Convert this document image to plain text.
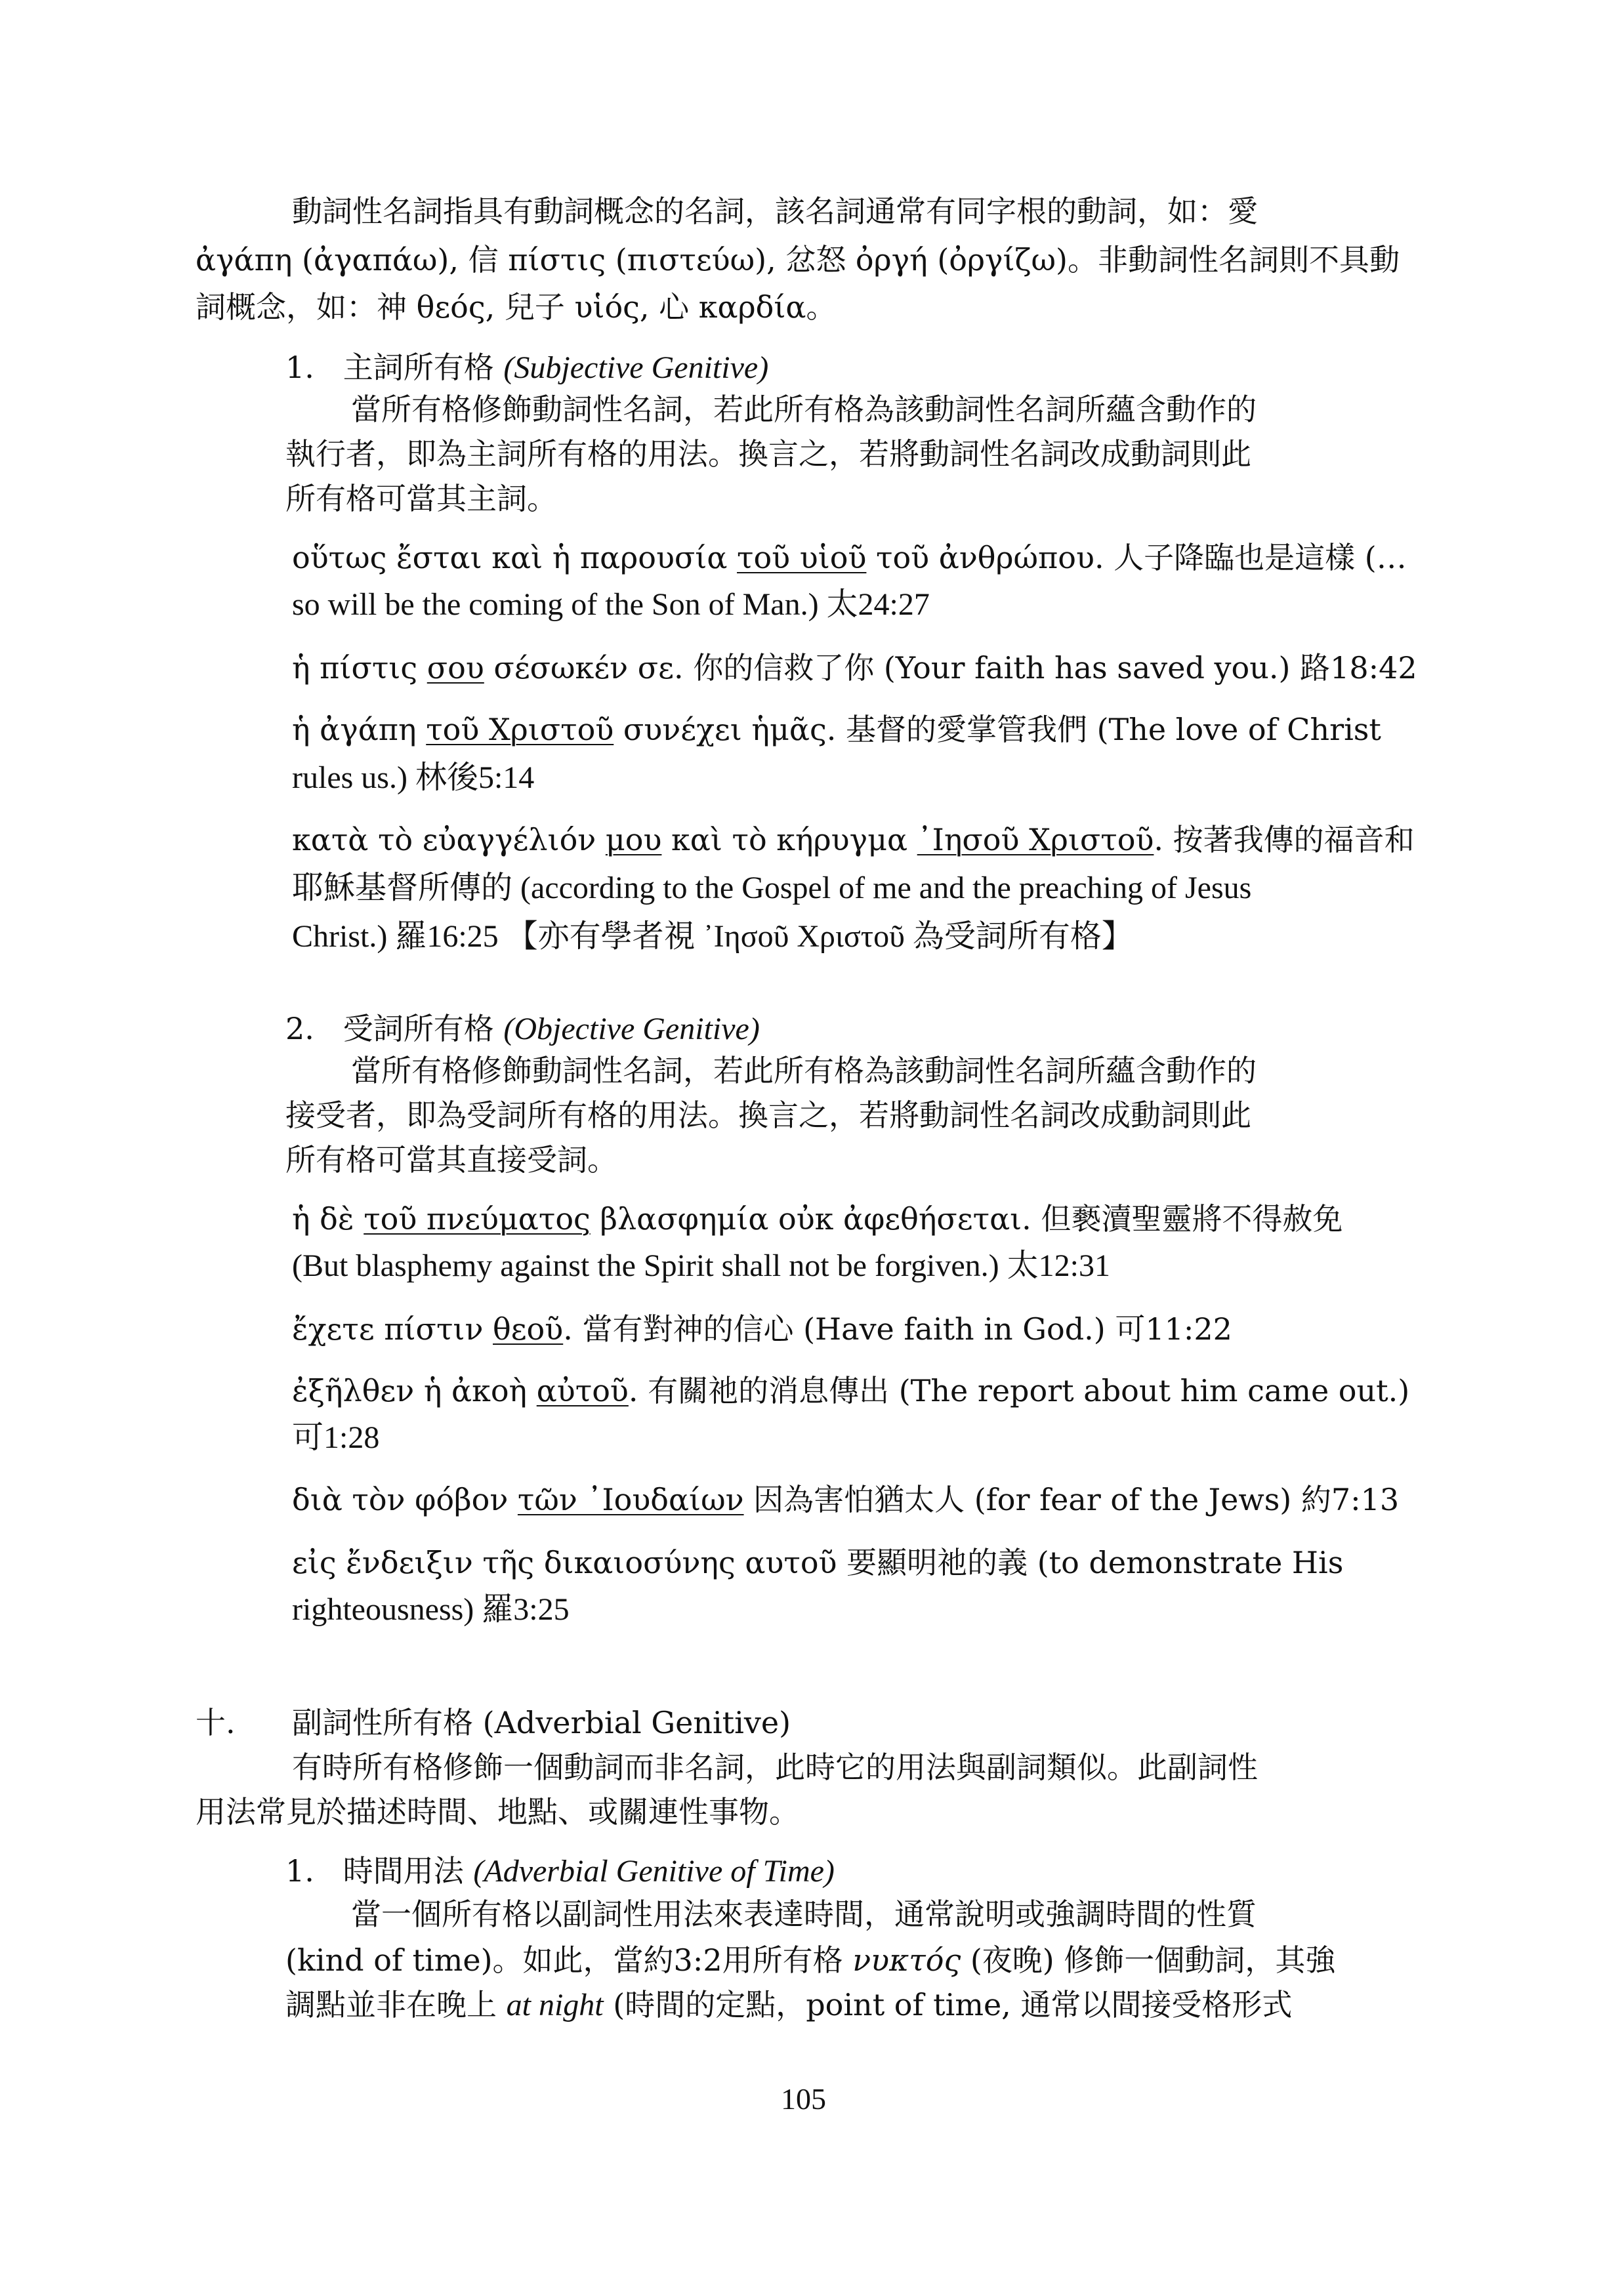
動詞性名詞指具有動詞概念的名詞，該名詞通常有同字根的動詞，如：愛
ἀγάπη (ἀγαπάω), 信 πίστις (πιστεύω), 忿怒 ὀργή (ὀργίζω)。非動詞性名詞則不具動
詞概念，如：神 θεός, 兒子 υἱός, 心 καρδία。
1. 主詞所有格 (Subjective Genitive)
當所有格修飾動詞性名詞，若此所有格為該動詞性名詞所蘊含動作的
執行者，即為主詞所有格的用法。換言之，若將動詞性名詞改成動詞則此
所有格可當其主詞。
οὕτως ἔσται καὶ ἡ παρουσία τοῦ υἱοῦ τοῦ ἀνθρώπου. 人子降臨也是這樣 (…
so will be the coming of the Son of Man.) 太24:27
ἡ πίστις σου σέσωκέν σε. 你的信救了你 (Your faith has saved you.) 路18:42
ἡ ἀγάπη τοῦ Χριστοῦ συνέχει ἡμᾶς. 基督的愛掌管我們 (The love of Christ
rules us.) 林後5:14
κατὰ τὸ εὐαγγέλιόν μου καὶ τὸ κήρυγμα ᾿Ιησοῦ Χριστοῦ. 按著我傳的福音和
耶穌基督所傳的 (according to the Gospel of me and the preaching of Jesus
Christ.) 羅16:25 【亦有學者視 ᾿Ιησοῦ Χριστοῦ 為受詞所有格】
2. 受詞所有格 (Objective Genitive)
當所有格修飾動詞性名詞，若此所有格為該動詞性名詞所蘊含動作的
接受者，即為受詞所有格的用法。換言之，若將動詞性名詞改成動詞則此
所有格可當其直接受詞。
ἡ δὲ τοῦ πνεύματος βλασφημία οὐκ ἀφεθήσεται. 但褻瀆聖靈將不得赦免
(But blasphemy against the Spirit shall not be forgiven.) 太12:31
ἔχετε πίστιν θεοῦ. 當有對神的信心 (Have faith in God.) 可11:22
ἐξῆλθεν ἡ ἀκοὴ αὐτοῦ. 有關祂的消息傳出 (The report about him came out.)
可1:28
διὰ τὸν φόβον τῶν ᾿Ιουδαίων 因為害怕猶太人 (for fear of the Jews) 約7:13
εἰς ἔνδειξιν τῆς δικαιοσύνης αυτοῦ 要顯明祂的義 (to demonstrate His
righteousness) 羅3:25
十. 副詞性所有格 (Adverbial Genitive)
有時所有格修飾一個動詞而非名詞，此時它的用法與副詞類似。此副詞性
用法常見於描述時間、地點、或關連性事物。
1. 時間用法 (Adverbial Genitive of Time)
當一個所有格以副詞性用法來表達時間，通常說明或強調時間的性質
(kind of time)。如此，當約3:2用所有格 νυκτός (夜晚) 修飾一個動詞，其強
調點並非在晚上 at night (時間的定點，point of time, 通常以間接受格形式
105
